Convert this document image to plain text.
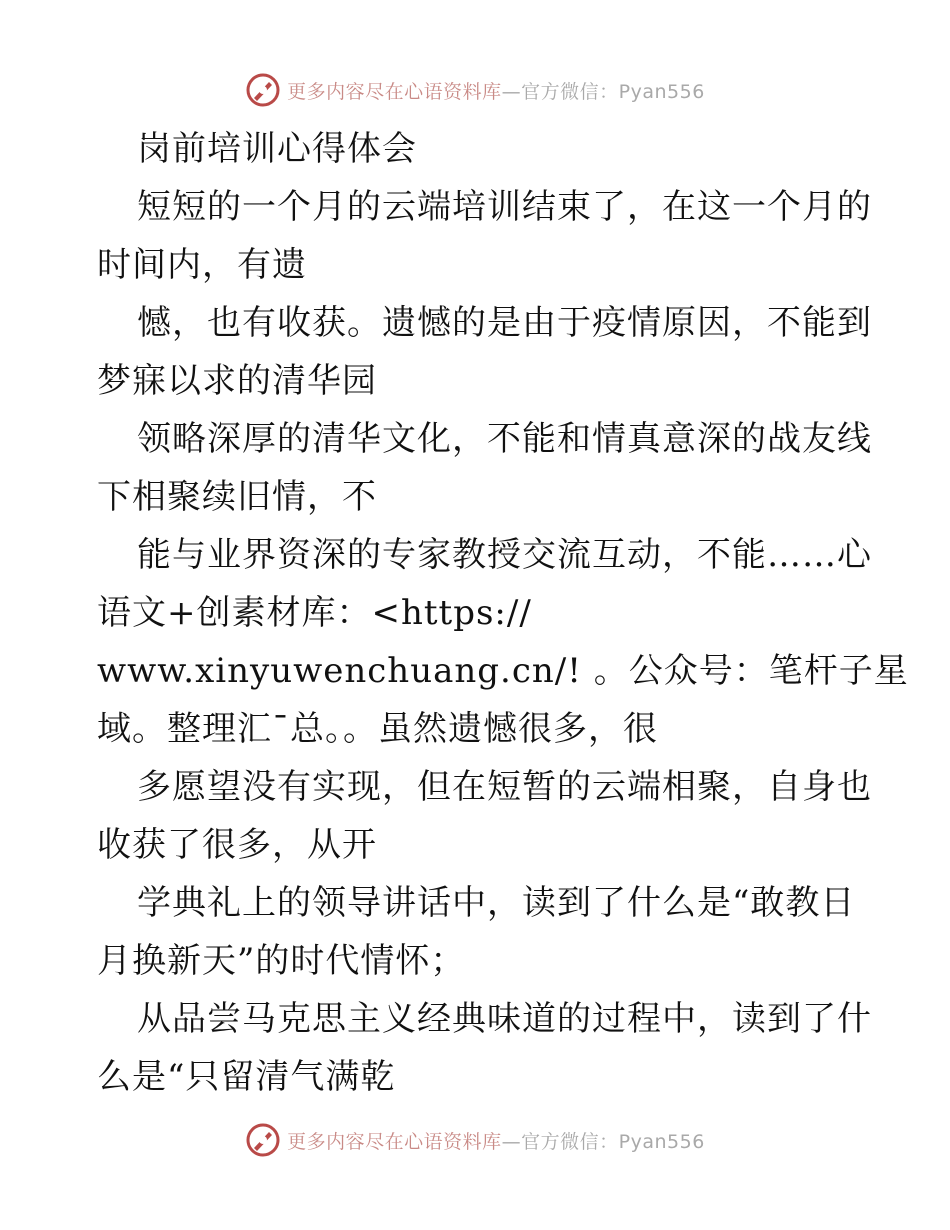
更多内容尽在心语资料库—官方微信：Pyan556
岗前培训心得体会
短短的一个月的云端培训结束了，在这一个月的
时间内，有遗
憾，也有收获。遗憾的是由于疫情原因，不能到
梦寐以求的清华园
领略深厚的清华文化，不能和情真意深的战友线
下相聚续旧情，不
能与业界资深的专家教授交流互动，不能……心
语文+创素材库：<https://
www.xinyuwenchuang.cn/! 。公众号：笔杆子星
域。整理汇¯总。。虽然遗憾很多，很
多愿望没有实现，但在短暂的云端相聚，自身也
收获了很多，从开
学典礼上的领导讲话中，读到了什么是“敢教日
月换新天”的时代情怀；
从品尝马克思主义经典味道的过程中，读到了什
么是“只留清气满乾
更多内容尽在心语资料库—官方微信：Pyan556
